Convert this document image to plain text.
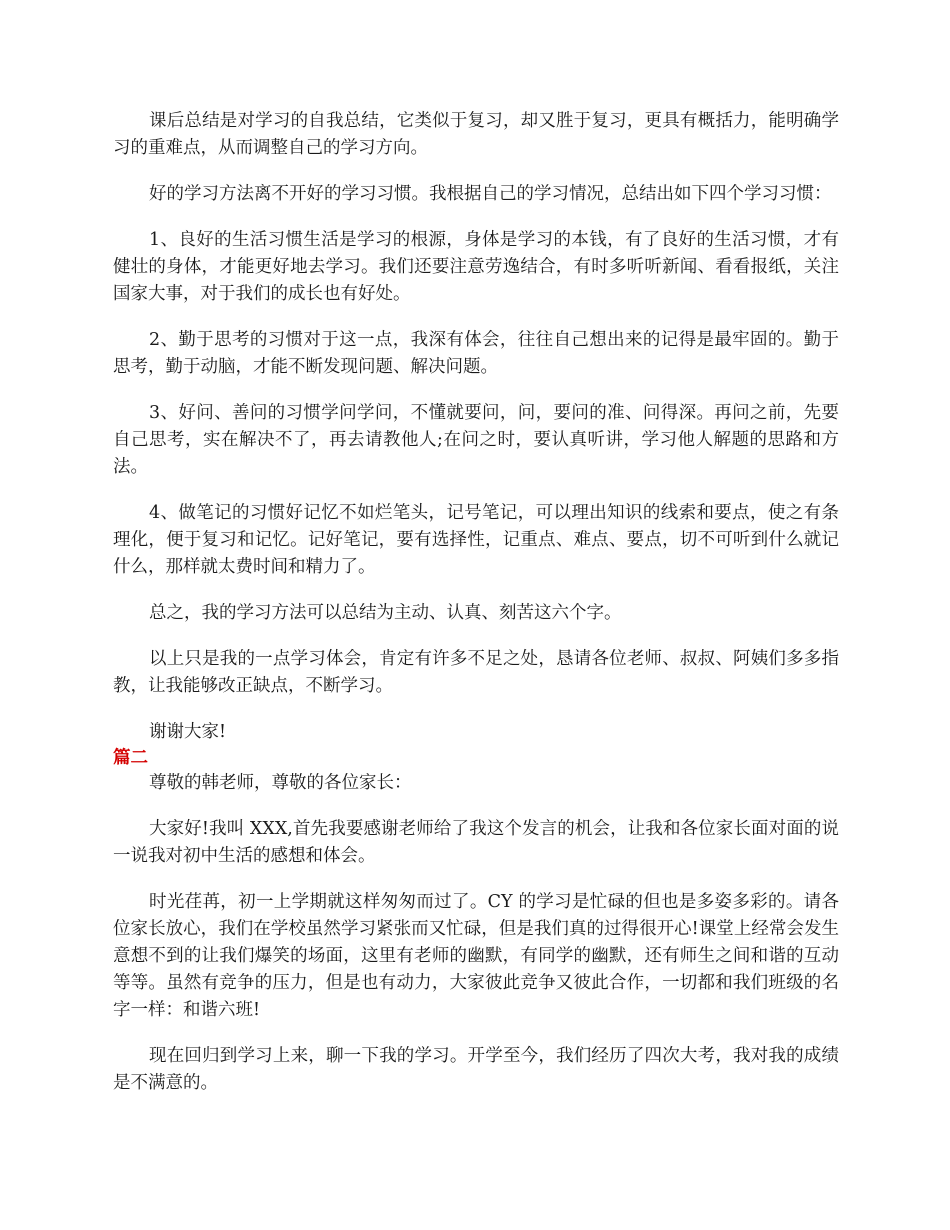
课后总结是对学习的自我总结，它类似于复习，却又胜于复习，更具有概括力，能明确学习的重难点，从而调整自己的学习方向。

好的学习方法离不开好的学习习惯。我根据自己的学习情况，总结出如下四个学习习惯：

1、良好的生活习惯生活是学习的根源，身体是学习的本钱，有了良好的生活习惯，才有健壮的身体，才能更好地去学习。我们还要注意劳逸结合，有时多听听新闻、看看报纸，关注国家大事，对于我们的成长也有好处。

2、勤于思考的习惯对于这一点，我深有体会，往往自己想出来的记得是最牢固的。勤于思考，勤于动脑，才能不断发现问题、解决问题。

3、好问、善问的习惯学问学问，不懂就要问，问，要问的准、问得深。再问之前，先要自己思考，实在解决不了，再去请教他人;在问之时，要认真听讲，学习他人解题的思路和方法。

4、做笔记的习惯好记忆不如烂笔头，记号笔记，可以理出知识的线索和要点，使之有条理化，便于复习和记忆。记好笔记，要有选择性，记重点、难点、要点，切不可听到什么就记什么，那样就太费时间和精力了。

总之，我的学习方法可以总结为主动、认真、刻苦这六个字。

以上只是我的一点学习体会，肯定有许多不足之处，恳请各位老师、叔叔、阿姨们多多指教，让我能够改正缺点，不断学习。

谢谢大家!

篇二

尊敬的韩老师，尊敬的各位家长：

大家好!我叫 XXX,首先我要感谢老师给了我这个发言的机会，让我和各位家长面对面的说一说我对初中生活的感想和体会。

时光荏苒，初一上学期就这样匆匆而过了。CY 的学习是忙碌的但也是多姿多彩的。请各位家长放心，我们在学校虽然学习紧张而又忙碌，但是我们真的过得很开心!课堂上经常会发生意想不到的让我们爆笑的场面，这里有老师的幽默，有同学的幽默，还有师生之间和谐的互动等等。虽然有竞争的压力，但是也有动力，大家彼此竞争又彼此合作，一切都和我们班级的名字一样：和谐六班!

现在回归到学习上来，聊一下我的学习。开学至今，我们经历了四次大考，我对我的成绩是不满意的。
